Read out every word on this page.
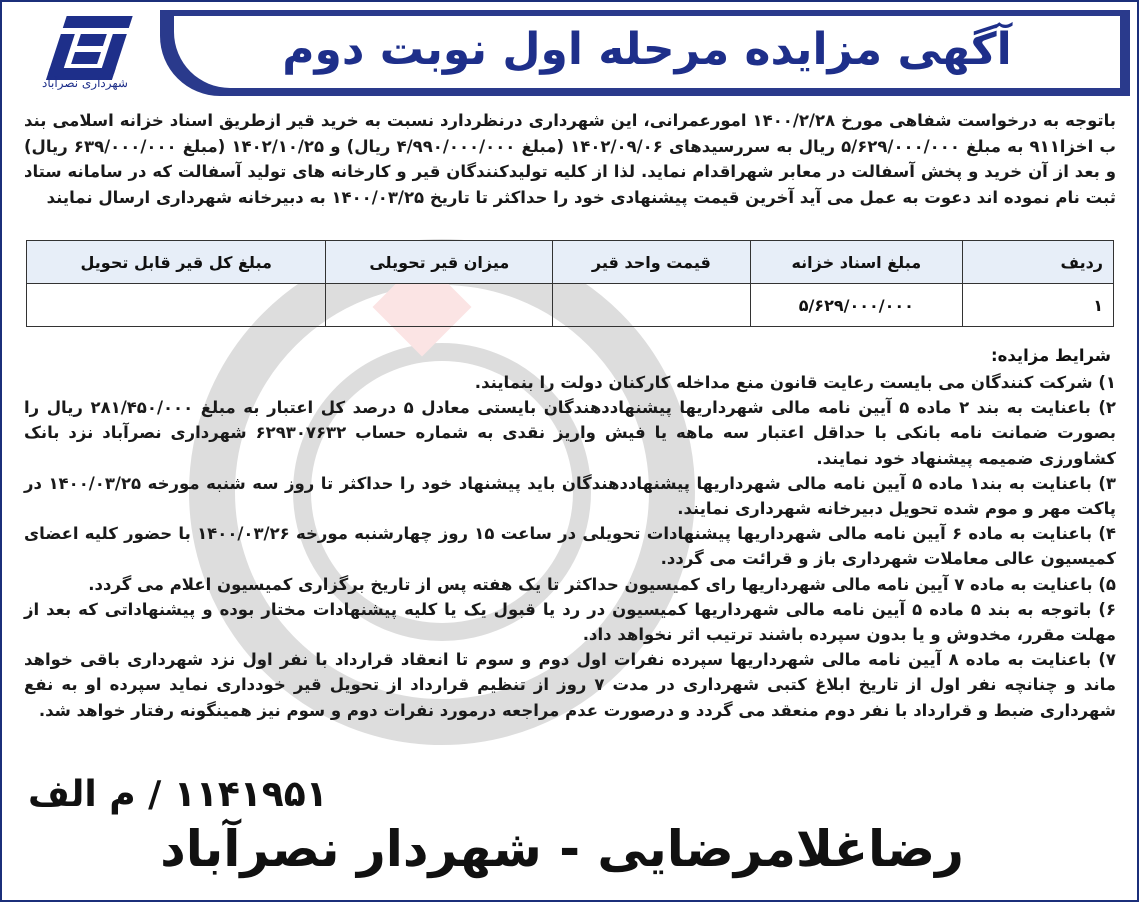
آگهی مزایده مرحله اول نوبت دوم
شهرداری نصرآباد
باتوجه به درخواست شفاهی مورخ ۱۴۰۰/۲/۲۸ امورعمرانی، این شهرداری درنظردارد نسبت به خرید قیر ازطریق اسناد خزانه اسلامی بند ب اخزا۹۱۱ به مبلغ ۵/۶۲۹/۰۰۰/۰۰۰ ریال به سررسیدهای ۱۴۰۲/۰۹/۰۶ (مبلغ ۴/۹۹۰/۰۰۰/۰۰۰ ریال) و ۱۴۰۲/۱۰/۲۵ (مبلغ ۶۳۹/۰۰۰/۰۰۰ ریال) و بعد از آن خرید و پخش آسفالت در معابر شهراقدام نماید. لذا از کلیه تولیدکنندگان قیر و کارخانه های تولید آسفالت که در سامانه ستاد ثبت نام نموده اند دعوت به عمل می آید آخرین قیمت پیشنهادی خود را حداکثر تا تاریخ ۱۴۰۰/۰۳/۲۵ به دبیرخانه شهرداری ارسال نمایند
ردیف	مبلغ اسناد خزانه	قیمت واحد قیر	میزان قیر تحویلی	مبلغ کل قیر قابل تحویل
۱	۵/۶۲۹/۰۰۰/۰۰۰			
شرایط مزایده:

۱) شرکت کنندگان می بایست رعایت قانون منع مداخله کارکنان دولت را بنمایند.

۲) باعنایت به بند ۲ ماده ۵ آیین نامه مالی شهرداریها پیشنهاددهندگان بایستی معادل ۵ درصد کل اعتبار به مبلغ ۲۸۱/۴۵۰/۰۰۰ ریال را بصورت ضمانت نامه بانکی با حداقل اعتبار سه ماهه یا فیش واریز نقدی به شماره حساب ۶۲۹۳۰۷۶۳۲ شهرداری نصرآباد نزد بانک کشاورزی ضمیمه پیشنهاد خود نمایند.

۳) باعنایت به بند۱ ماده ۵ آیین نامه مالی شهرداریها پیشنهاددهندگان باید پیشنهاد خود را حداکثر تا روز سه شنبه مورخه ۱۴۰۰/۰۳/۲۵ در پاکت مهر و موم شده تحویل دبیرخانه شهرداری نمایند.

۴) باعنایت به ماده ۶ آیین نامه مالی شهرداریها پیشنهادات تحویلی در ساعت ۱۵ روز چهارشنبه مورخه ۱۴۰۰/۰۳/۲۶ با حضور کلیه اعضای کمیسیون عالی معاملات شهرداری باز و قرائت می گردد.

۵) باعنایت به ماده ۷ آیین نامه مالی شهرداریها رای کمیسیون حداکثر تا یک هفته پس از تاریخ برگزاری کمیسیون اعلام می گردد.

۶) باتوجه به بند ۵ ماده ۵ آیین نامه مالی شهرداریها کمیسیون در رد یا قبول یک یا کلیه پیشنهادات مختار بوده و پیشنهاداتی که بعد از مهلت مقرر، مخدوش و یا بدون سپرده باشند ترتیب اثر نخواهد داد.

۷) باعنایت به ماده ۸ آیین نامه مالی شهرداریها سپرده نفرات اول دوم و سوم تا انعقاد قرارداد با نفر اول نزد شهرداری باقی خواهد ماند و چنانچه نفر اول از تاریخ ابلاغ کتبی شهرداری در مدت ۷ روز از تنظیم قرارداد از تحویل قیر خودداری نماید سپرده او به نفع شهرداری ضبط و قرارداد با نفر دوم منعقد می گردد و درصورت عدم مراجعه درمورد نفرات دوم و سوم نیز همینگونه رفتار خواهد شد.

۱۱۴۱۹۵۱ / م الف
رضاغلامرضایی - شهردار نصرآباد
